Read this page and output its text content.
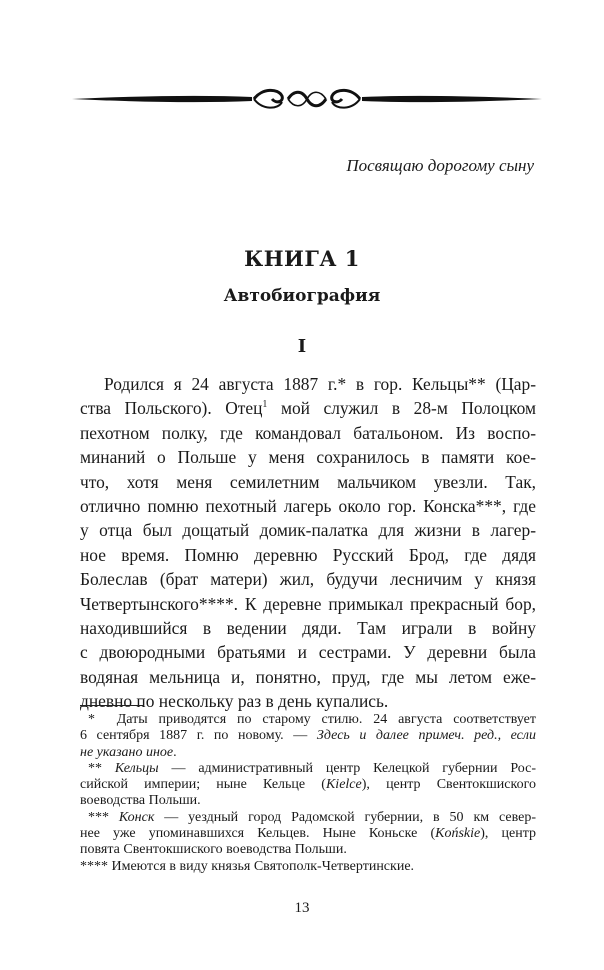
Посвящаю дорогому сыну
КНИГА 1
Автобиография
I
Родился я 24 августа 1887 г.* в гор. Кельцы** (Цар-
ства Польского). Отец$^1$ мой служил в 28-м Полоцком
пехотном полку, где командовал батальоном. Из воспо-
минаний о Польше у меня сохранилось в памяти кое-
что, хотя меня семилетним мальчиком увезли. Так,
отлично помню пехотный лагерь около гор. Конска***, где
у отца был дощатый домик-палатка для жизни в лагер-
ное время. Помню деревню Русский Брод, где дядя
Болеслав (брат матери) жил, будучи лесничим у князя
Четвертынского****. К деревне примыкал прекрасный бор,
находившийся в ведении дяди. Там играли в войну
с двоюродными братьями и сестрами. У деревни была
водяная мельница и, понятно, пруд, где мы летом еже-
дневно по нескольку раз в день купались.
* Даты приводятся по старому стилю. 24 августа соответствует
6 сентября 1887 г. по новому. — Здесь и далее примеч. ред., если
не указано иное.
** Кельцы — административный центр Келецкой губернии Рос-
сийской империи; ныне Кельце (Kielce), центр Свентокшиского
воеводства Польши.
*** Конск — уездный город Радомской губернии, в 50 км север-
нее уже упоминавшихся Кельцев. Ныне Коньске (Końskie), центр
повята Свентокшиского воеводства Польши.
**** Имеются в виду князья Святополк-Четвертинские.
13
